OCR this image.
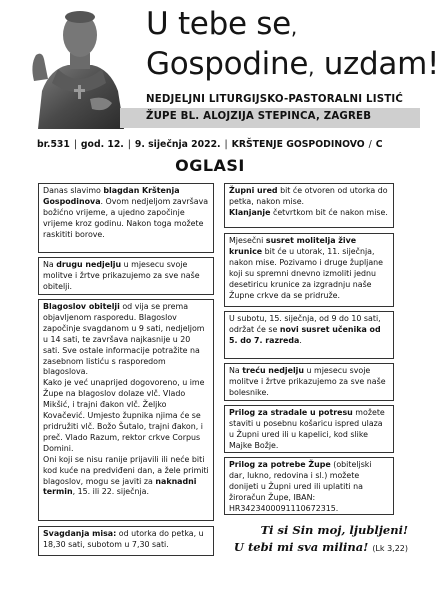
U tebe se,
Gospodine, uzdam!
NEDJELJNI LITURGIJSKO-PASTORALNI LISTIĆ
ŽUPE BL. ALOJZIJA STEPINCA, ZAGREB
br.531 | god. 12. | 9. siječnja 2022. | KRŠTENJE GOSPODINOVO / C
OGLASI

Danas slavimo blagdan Krštenja Gospodinova. Ovom nedjeljom završava božićno vrijeme, a ujedno započinje vrijeme kroz godinu. Nakon toga možete raskititi borove.

Na drugu nedjelju u mjesecu svoje molitve i žrtve prikazujemo za sve naše obitelji.

Blagoslov obitelji od vija se prema objavljenom rasporedu. Blagoslov započinje svagdanom u 9 sati, nedjeljom u 14 sati, te završava najkasnije u 20 sati. Sve ostale informacije potražite na zasebnom listiću s rasporedom blagoslova.

Kako je već unaprijed dogovoreno, u ime Župe na blagoslov dolaze vlč. Vlado Mikšić, i trajni đakon vlč. Željko Kovačević. Umjesto župnika njima će se pridružiti vlč. Božo Šutalo, trajni đakon, i preč. Vlado Razum, rektor crkve Corpus Domini.

Oni koji se nisu ranije prijavili ili neće biti kod kuće na predviđeni dan, a žele primiti blagoslov, mogu se javiti za naknadni termin, 15. ili 22. siječnja.

Svagdanja misa: od utorka do petka, u 18,30 sati, subotom u 7,30 sati.

Župni ured bit će otvoren od utorka do petka, nakon mise.

Klanjanje četvrtkom bit će nakon mise.

Mjesečni susret molitelja žive krunice bit će u utorak, 11. siječnja, nakon mise. Pozivamo i druge župljane koji su spremni dnevno izmoliti jednu desetiricu krunice za izgradnju naše Župne crkve da se pridruže.

U subotu, 15. siječnja, od 9 do 10 sati, održat će se novi susret učenika od 5. do 7. razreda.

Na treću nedjelju u mjesecu svoje molitve i žrtve prikazujemo za sve naše bolesnike.

Prilog za stradale u potresu možete staviti u posebnu košaricu ispred ulaza u Župni ured ili u kapelici, kod slike Majke Božje.

Prilog za potrebe Župe (obiteljski dar, lukno, redovina i sl.) možete donijeti u Župni ured ili uplatiti na žiroračun Župe, IBAN: HR3423400091110672315.

Ti si Sin moj, ljubljeni!
U tebi mi sva milina! (Lk 3,22)
